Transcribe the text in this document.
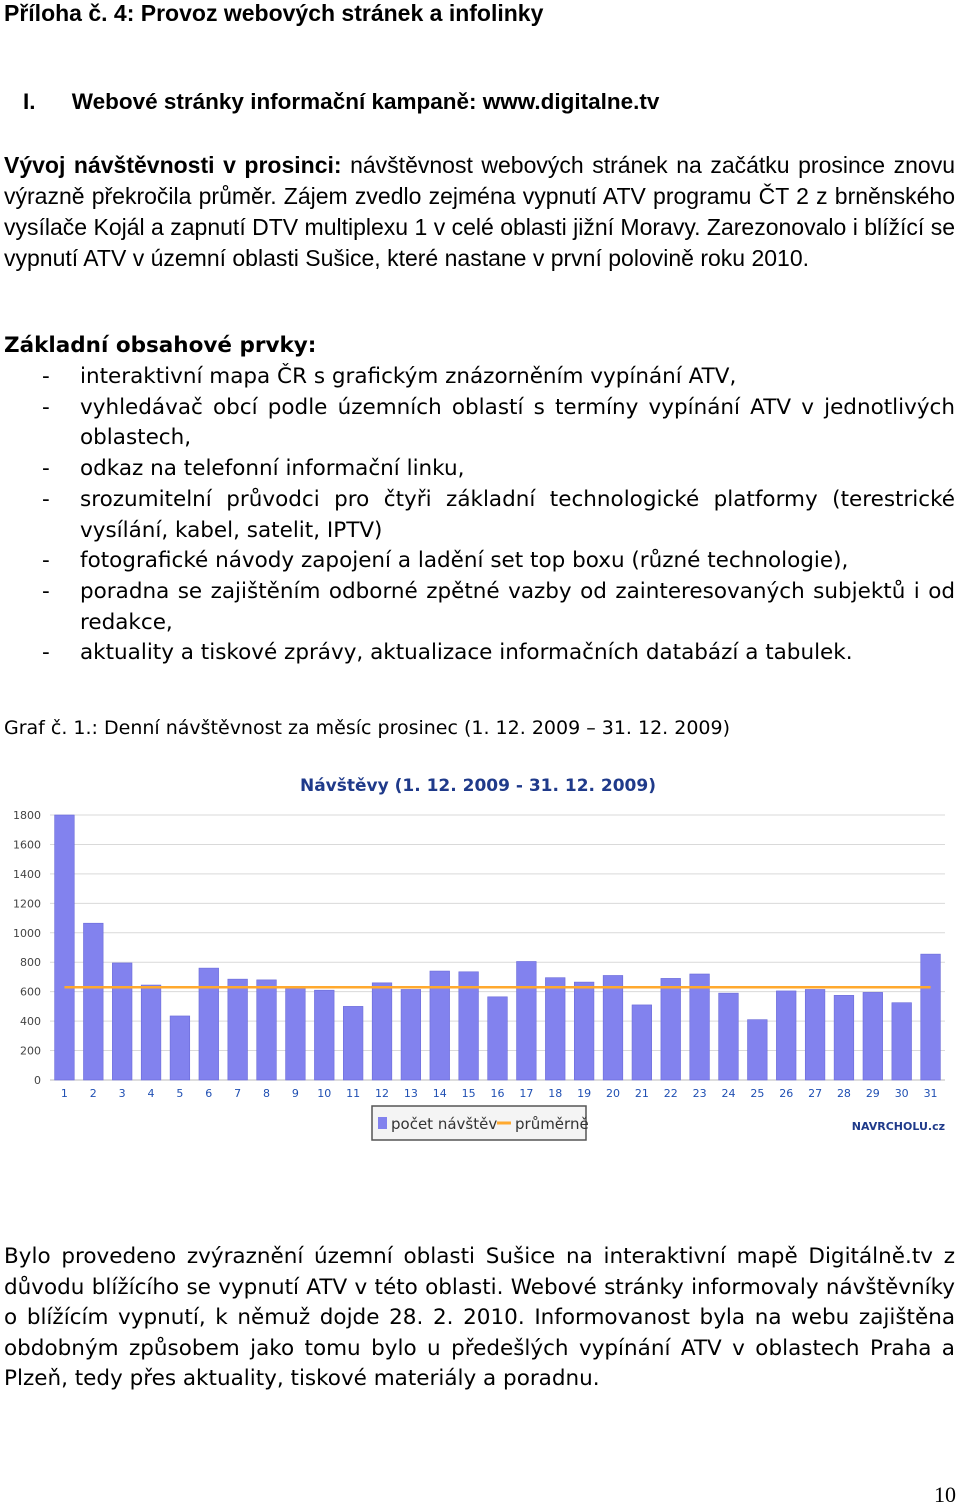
Příloha č. 4: Provoz webových stránek a infolinky
I. Webové stránky informační kampaně: www.digitalne.tv
Vývoj návštěvnosti v prosinci: návštěvnost webových stránek na začátku prosince znovu výrazně překročila průměr. Zájem zvedlo zejména vypnutí ATV programu ČT 2 z brněnského vysílače Kojál a zapnutí DTV multiplexu 1 v celé oblasti jižní Moravy. Zarezonovalo i blížící se vypnutí ATV v územní oblasti Sušice, které nastane v první polovině roku 2010.
Základní obsahové prvky:
- interaktivní mapa ČR s grafickým znázorněním vypínání ATV,
- vyhledávač obcí podle územních oblastí s termíny vypínání ATV v jednotlivých oblastech,
- odkaz na telefonní informační linku,
- srozumitelní průvodci pro čtyři základní technologické platformy (terestrické vysílání, kabel, satelit, IPTV)
- fotografické návody zapojení a ladění set top boxu (různé technologie),
- poradna se zajištěním odborné zpětné vazby od zainteresovaných subjektů i od redakce,
- aktuality a tiskové zprávy, aktualizace informačních databází a tabulek.
Graf č. 1.: Denní návštěvnost za měsíc prosinec (1. 12. 2009 – 31. 12. 2009)
Návštěvy (1. 12. 2009 - 31. 12. 2009)
0
200
400
600
800
1000
1200
1400
1600
1800
1 2 3 4 5 6 7 8 9 10 11 12 13 14 15 16 17 18 19 20 21 22 23 24 25 26 27 28 29 30 31
počet návštěv průměrně	NAVRCHOLU.cz
Bylo provedeno zvýraznění územní oblasti Sušice na interaktivní mapě Digitálně.tv z důvodu blížícího se vypnutí ATV v této oblasti. Webové stránky informovaly návštěvníky o blížícím vypnutí, k němuž dojde 28. 2. 2010. Informovanost byla na webu zajištěna obdobným způsobem jako tomu bylo u předešlých vypínání ATV v oblastech Praha a Plzeň, tedy přes aktuality, tiskové materiály a poradnu.
10
